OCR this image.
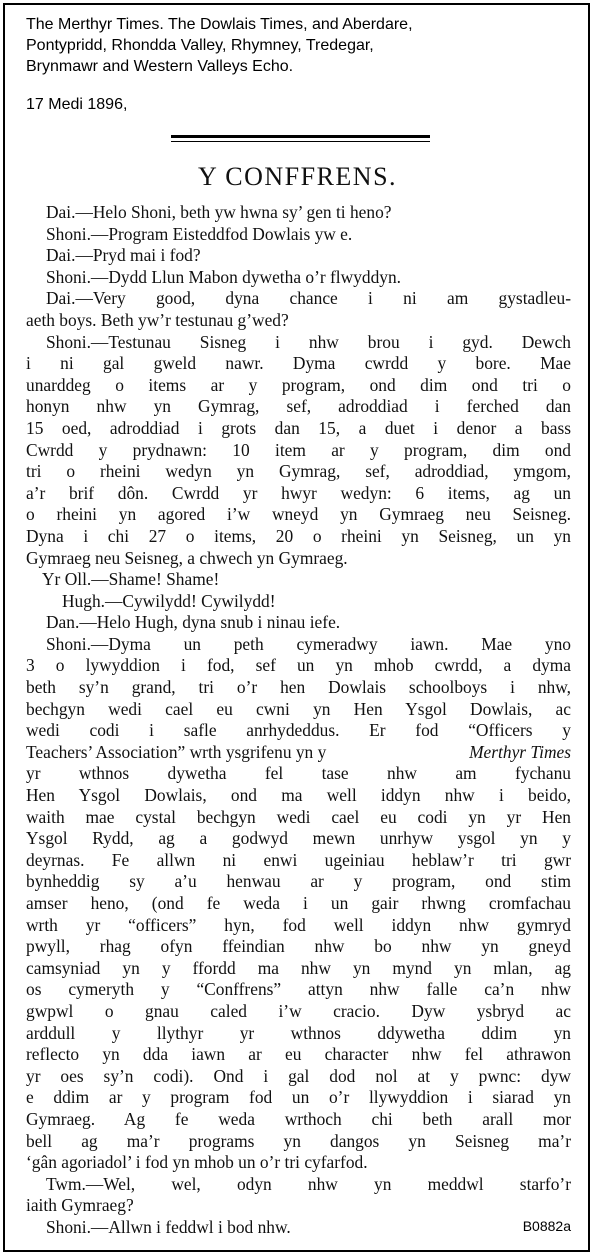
The Merthyr Times. The Dowlais Times, and Aberdare,
Pontypridd, Rhondda Valley, Rhymney, Tredegar,
Brynmawr and Western Valleys Echo.
17 Medi 1896,
Y CONFFRENS.
Dai.—Helo Shoni, beth yw hwna sy’ gen ti heno?
Shoni.—Program Eisteddfod Dowlais yw e.
Dai.—Pryd mai i fod?
Shoni.—Dydd Llun Mabon dywetha o’r flwyddyn.
Dai.—Very good, dyna chance i ni am gystadleu-
aeth boys. Beth yw’r testunau g’wed?
Shoni.—Testunau Sisneg i nhw brou i gyd. Dewch
i ni gal gweld nawr. Dyma cwrdd y bore. Mae
unarddeg o items ar y program, ond dim ond tri o
honyn nhw yn Gymrag, sef, adroddiad i ferched dan
15 oed, adroddiad i grots dan 15, a duet i denor a bass
Cwrdd y prydnawn: 10 item ar y program, dim ond
tri o rheini wedyn yn Gymrag, sef, adroddiad, ymgom,
a’r brif dôn. Cwrdd yr hwyr wedyn: 6 items, ag un
o rheini yn agored i’w wneyd yn Gymraeg neu Seisneg.
Dyna i chi 27 o items, 20 o rheini yn Seisneg, un yn
Gymraeg neu Seisneg, a chwech yn Gymraeg.
Yr Oll.—Shame! Shame!
Hugh.—Cywilydd! Cywilydd!
Dan.—Helo Hugh, dyna snub i ninau iefe.
Shoni.—Dyma un peth cymeradwy iawn. Mae yno
3 o lywyddion i fod, sef un yn mhob cwrdd, a dyma
beth sy’n grand, tri o’r hen Dowlais schoolboys i nhw,
bechgyn wedi cael eu cwni yn Hen Ysgol Dowlais, ac
wedi codi i safle anrhydeddus. Er fod “Officers y
Teachers’ Association” wrth ysgrifenu yn y	Merthyr Times
yr wthnos dywetha fel tase nhw am fychanu
Hen Ysgol Dowlais, ond ma well iddyn nhw i beido,
waith mae cystal bechgyn wedi cael eu codi yn yr Hen
Ysgol Rydd, ag a godwyd mewn unrhyw ysgol yn y
deyrnas. Fe allwn ni enwi ugeiniau heblaw’r tri gwr
bynheddig sy a’u henwau ar y program, ond stim
amser heno, (ond fe weda i un gair rhwng cromfachau
wrth yr “officers” hyn, fod well iddyn nhw gymryd
pwyll, rhag ofyn ffeindian nhw bo nhw yn gneyd
camsyniad yn y ffordd ma nhw yn mynd yn mlan, ag
os cymeryth y “Conffrens” attyn nhw falle ca’n nhw
gwpwl o gnau caled i’w cracio. Dyw ysbryd ac
arddull y llythyr yr wthnos ddywetha ddim yn
reflecto yn dda iawn ar eu character nhw fel athrawon
yr oes sy’n codi). Ond i gal dod nol at y pwnc: dyw
e ddim ar y program fod un o’r llywyddion i siarad yn
Gymraeg. Ag fe weda wrthoch chi beth arall mor
bell ag ma’r programs yn dangos yn Seisneg ma’r
‘gân agoriadol’ i fod yn mhob un o’r tri cyfarfod.
Twm.—Wel, wel, odyn nhw yn meddwl starfo’r
iaith Gymraeg?
Shoni.—Allwn i feddwl i bod nhw.	B0882a
